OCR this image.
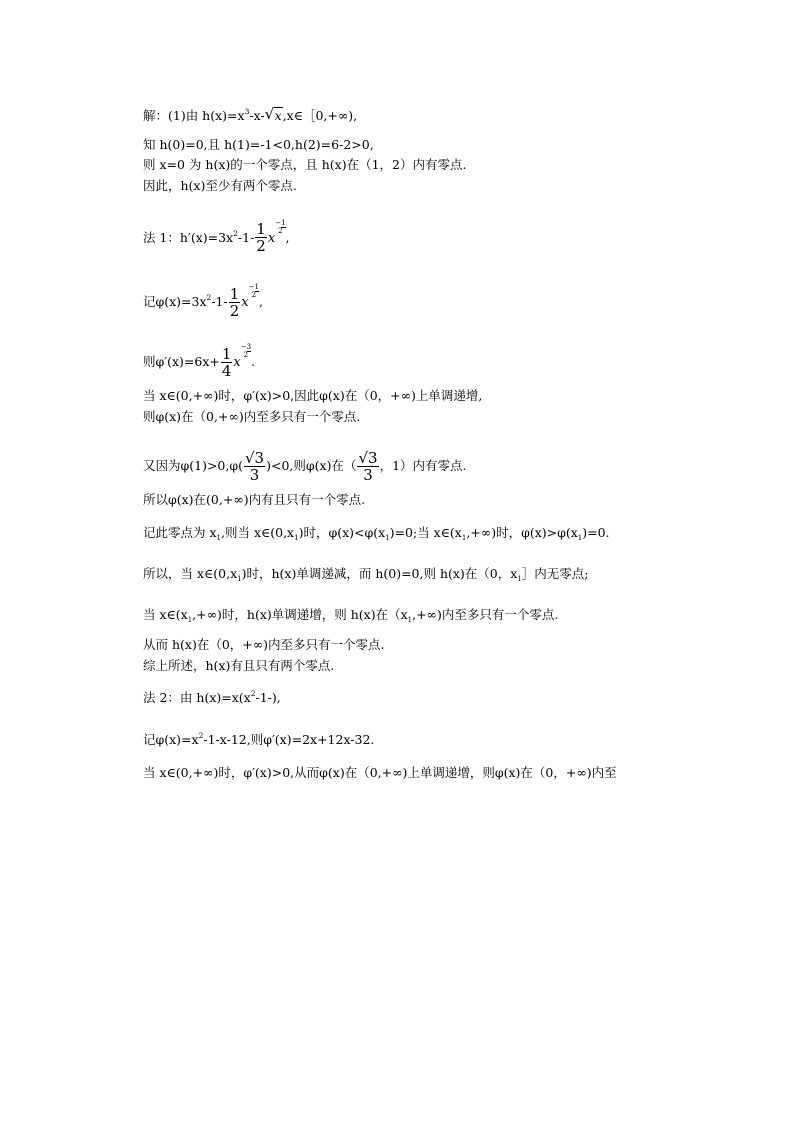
解：(1)由 $h(x)=x^3-x-$ √ x,x∈［0,+∞),
知 h(0)=0,且 h(1)=-1<0,h(2)=6-2>0,
则 x=0 为 h(x)的一个零点，且 h(x)在（1，2）内有零点.
因此，h(x)至少有两个零点.
法 1：$h'(x)=3x^2-1- \frac{1}{2} x-1$
2 ,
记$\varphi(x)=3x^2-1- \frac{1}{2} x-1$
2 ,
则$\varphi'(x)=6x+ \frac{1}{4} x-3$
2 .
当 x∈(0,+∞)时，φ′(x)>0,因此φ(x)在（0，+∞)上单调递增,
则φ(x)在（0,+∞)内至多只有一个零点.
又因为$\varphi(1)>0,\varphi( \frac{√3}{3} )<0$,则φ(x)在（ $\frac{√3}{3}$ ，1）内有零点.
所以φ(x)在(0,+∞)内有且只有一个零点.
记此零点为 $x_1$,则当 $x\in(0,x_1)$时，$\varphi(x)<\varphi(x_1)=0$;当 $x\in(x_1,+\infty)$时，$\varphi(x)>\varphi(x_1)=0$.
所以，当 $x\in(0,x_1)$时，h(x)单调递减，而 h(0)=0,则 h(x)在（0，$x_1]$内无零点;
当 $x\in(x_1,+\infty)$时，h(x)单调递增，则 h(x)在$(x_1,+\infty)$内至多只有一个零点.
从而 h(x)在（0，+∞)内至多只有一个零点.
综上所述，h(x)有且只有两个零点.
法 2：由 $h(x)=x(x^2-1-)$,
记$\varphi(x)=x^2-1-x-12$,则φ′(x)=2x+12x-32.
当 x∈(0,+∞)时，φ′(x)>0,从而φ(x)在（0,+∞)上单调递增，则φ(x)在（0，+∞)内至
